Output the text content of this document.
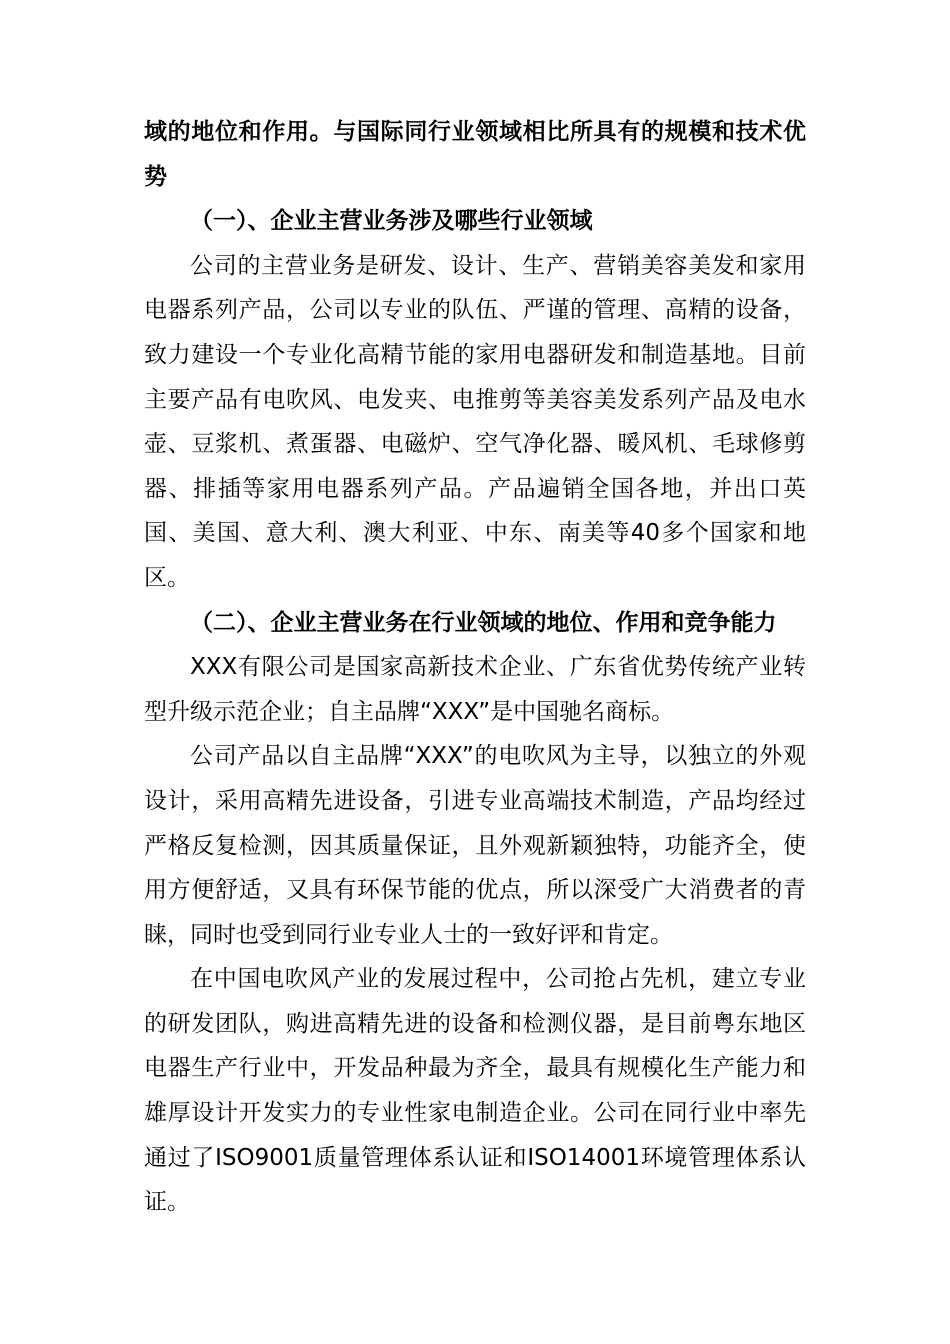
域的地位和作用。与国际同行业领域相比所具有的规模和技术优势

（一）、企业主营业务涉及哪些行业领域

公司的主营业务是研发、设计、生产、营销美容美发和家用电器系列产品，公司以专业的队伍、严谨的管理、高精的设备，致力建设一个专业化高精节能的家用电器研发和制造基地。目前主要产品有电吹风、电发夹、电推剪等美容美发系列产品及电水壶、豆浆机、煮蛋器、电磁炉、空气净化器、暖风机、毛球修剪器、排插等家用电器系列产品。产品遍销全国各地，并出口英国、美国、意大利、澳大利亚、中东、南美等40多个国家和地区。

（二）、企业主营业务在行业领域的地位、作用和竞争能力

XXX有限公司是国家高新技术企业、广东省优势传统产业转型升级示范企业；自主品牌“XXX”是中国驰名商标。

公司产品以自主品牌“XXX”的电吹风为主导，以独立的外观设计，采用高精先进设备，引进专业高端技术制造，产品均经过严格反复检测，因其质量保证，且外观新颖独特，功能齐全，使用方便舒适，又具有环保节能的优点，所以深受广大消费者的青睐，同时也受到同行业专业人士的一致好评和肯定。

在中国电吹风产业的发展过程中，公司抢占先机，建立专业的研发团队，购进高精先进的设备和检测仪器，是目前粤东地区电器生产行业中，开发品种最为齐全，最具有规模化生产能力和雄厚设计开发实力的专业性家电制造企业。公司在同行业中率先通过了ISO9001质量管理体系认证和ISO14001环境管理体系认证。
